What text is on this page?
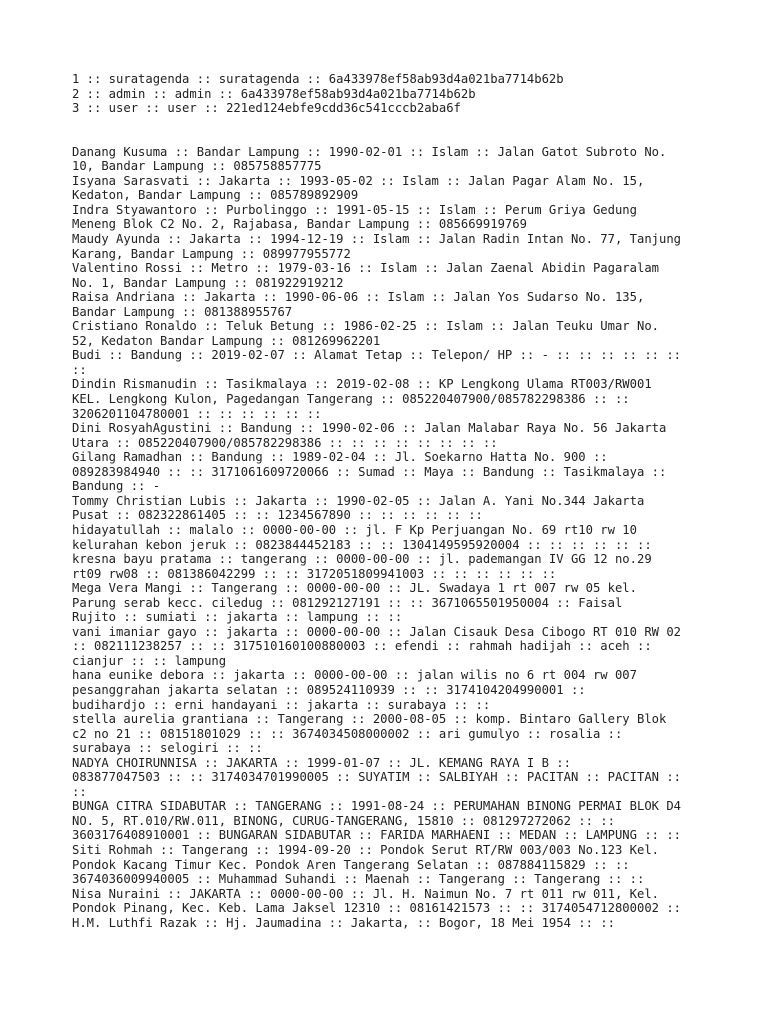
1 :: suratagenda :: suratagenda :: 6a433978ef58ab93d4a021ba7714b62b
2 :: admin :: admin :: 6a433978ef58ab93d4a021ba7714b62b
3 :: user :: user :: 221ed124ebfe9cdd36c541cccb2aba6f
Danang Kusuma :: Bandar Lampung :: 1990-02-01 :: Islam :: Jalan Gatot Subroto No.
10, Bandar Lampung :: 085758857775
Isyana Sarasvati :: Jakarta :: 1993-05-02 :: Islam :: Jalan Pagar Alam No. 15,
Kedaton, Bandar Lampung :: 085789892909
Indra Styawantoro :: Purbolinggo :: 1991-05-15 :: Islam :: Perum Griya Gedung
Meneng Blok C2 No. 2, Rajabasa, Bandar Lampung :: 085669919769
Maudy Ayunda :: Jakarta :: 1994-12-19 :: Islam :: Jalan Radin Intan No. 77, Tanjung
Karang, Bandar Lampung :: 089977955772
Valentino Rossi :: Metro :: 1979-03-16 :: Islam :: Jalan Zaenal Abidin Pagaralam
No. 1, Bandar Lampung :: 081922919212
Raisa Andriana :: Jakarta :: 1990-06-06 :: Islam :: Jalan Yos Sudarso No. 135,
Bandar Lampung :: 081388955767
Cristiano Ronaldo :: Teluk Betung :: 1986-02-25 :: Islam :: Jalan Teuku Umar No.
52, Kedaton Bandar Lampung :: 081269962201
Budi :: Bandung :: 2019-02-07 :: Alamat Tetap :: Telepon/ HP :: - :: :: :: :: :: ::
::
Dindin Rismanudin :: Tasikmalaya :: 2019-02-08 :: KP Lengkong Ulama RT003/RW001
KEL. Lengkong Kulon, Pagedangan Tangerang :: 085220407900/085782298386 :: ::
3206201104780001 :: :: :: :: :: ::
Dini RosyahAgustini :: Bandung :: 1990-02-06 :: Jalan Malabar Raya No. 56 Jakarta
Utara :: 085220407900/085782298386 :: :: :: :: :: :: :: ::
Gilang Ramadhan :: Bandung :: 1989-02-04 :: Jl. Soekarno Hatta No. 900 ::
089283984940 :: :: 3171061609720066 :: Sumad :: Maya :: Bandung :: Tasikmalaya ::
Bandung :: -
Tommy Christian Lubis :: Jakarta :: 1990-02-05 :: Jalan A. Yani No.344 Jakarta
Pusat :: 082322861405 :: :: 1234567890 :: :: :: :: :: ::
hidayatullah :: malalo :: 0000-00-00 :: jl. F Kp Perjuangan No. 69 rt10 rw 10
kelurahan kebon jeruk :: 0823844452183 :: :: 1304149595920004 :: :: :: :: :: ::
kresna bayu pratama :: tangerang :: 0000-00-00 :: jl. pademangan IV GG 12 no.29
rt09 rw08 :: 081386042299 :: :: 3172051809941003 :: :: :: :: :: ::
Mega Vera Mangi :: Tangerang :: 0000-00-00 :: JL. Swadaya 1 rt 007 rw 05 kel.
Parung serab kecc. ciledug :: 081292127191 :: :: 3671065501950004 :: Faisal
Rujito :: sumiati :: jakarta :: lampung :: ::
vani imaniar gayo :: jakarta :: 0000-00-00 :: Jalan Cisauk Desa Cibogo RT 010 RW 02
:: 082111238257 :: :: 317510160100880003 :: efendi :: rahmah hadijah :: aceh ::
cianjur :: :: lampung
hana eunike debora :: jakarta :: 0000-00-00 :: jalan wilis no 6 rt 004 rw 007
pesanggrahan jakarta selatan :: 089524110939 :: :: 3174104204990001 ::
budihardjo :: erni handayani :: jakarta :: surabaya :: ::
stella aurelia grantiana :: Tangerang :: 2000-08-05 :: komp. Bintaro Gallery Blok
c2 no 21 :: 08151801029 :: :: 3674034508000002 :: ari gumulyo :: rosalia ::
surabaya :: selogiri :: ::
NADYA CHOIRUNNISA :: JAKARTA :: 1999-01-07 :: JL. KEMANG RAYA I B ::
083877047503 :: :: 3174034701990005 :: SUYATIM :: SALBIYAH :: PACITAN :: PACITAN ::
::
BUNGA CITRA SIDABUTAR :: TANGERANG :: 1991-08-24 :: PERUMAHAN BINONG PERMAI BLOK D4
NO. 5, RT.010/RW.011, BINONG, CURUG-TANGERANG, 15810 :: 081297272062 :: ::
3603176408910001 :: BUNGARAN SIDABUTAR :: FARIDA MARHAENI :: MEDAN :: LAMPUNG :: ::
Siti Rohmah :: Tangerang :: 1994-09-20 :: Pondok Serut RT/RW 003/003 No.123 Kel.
Pondok Kacang Timur Kec. Pondok Aren Tangerang Selatan :: 087884115829 :: ::
3674036009940005 :: Muhammad Suhandi :: Maenah :: Tangerang :: Tangerang :: ::
Nisa Nuraini :: JAKARTA :: 0000-00-00 :: Jl. H. Naimun No. 7 rt 011 rw 011, Kel.
Pondok Pinang, Kec. Keb. Lama Jaksel 12310 :: 08161421573 :: :: 3174054712800002 ::
H.M. Luthfi Razak :: Hj. Jaumadina :: Jakarta, :: Bogor, 18 Mei 1954 :: ::
